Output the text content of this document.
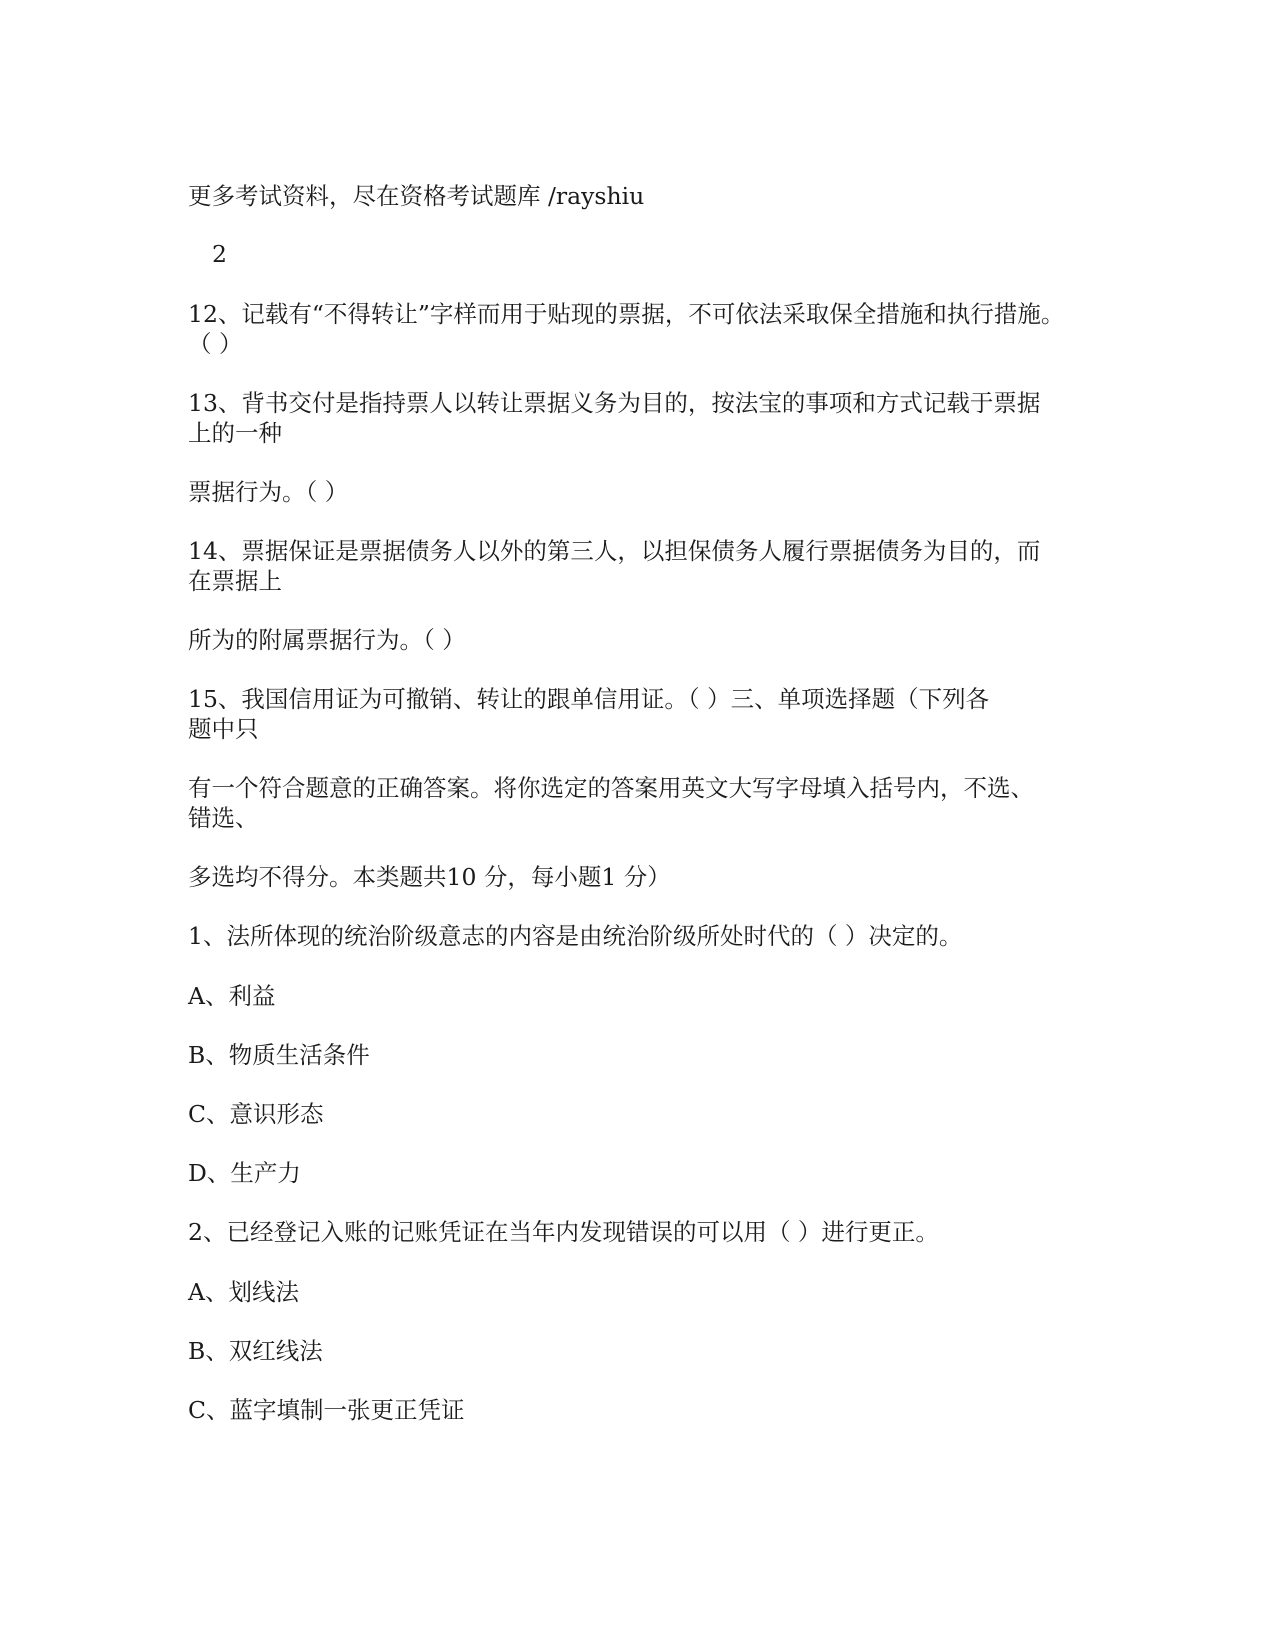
更多考试资料，尽在资格考试题库 /rayshiu
2
12、记载有“不得转让”字样而用于贴现的票据，不可依法采取保全措施和执行措施。
（ ）
13、背书交付是指持票人以转让票据义务为目的，按法宝的事项和方式记载于票据
上的一种
票据行为。（ ）
14、票据保证是票据债务人以外的第三人，以担保债务人履行票据债务为目的，而
在票据上
所为的附属票据行为。（ ）
15、我国信用证为可撤销、转让的跟单信用证。（ ）三、单项选择题（下列各
题中只
有一个符合题意的正确答案。将你选定的答案用英文大写字母填入括号内，不选、
错选、
多选均不得分。本类题共10 分，每小题1 分）
1、法所体现的统治阶级意志的内容是由统治阶级所处时代的（ ）决定的。
A、利益
B、物质生活条件
C、意识形态
D、生产力
2、已经登记入账的记账凭证在当年内发现错误的可以用（ ）进行更正。
A、划线法
B、双红线法
C、蓝字填制一张更正凭证
